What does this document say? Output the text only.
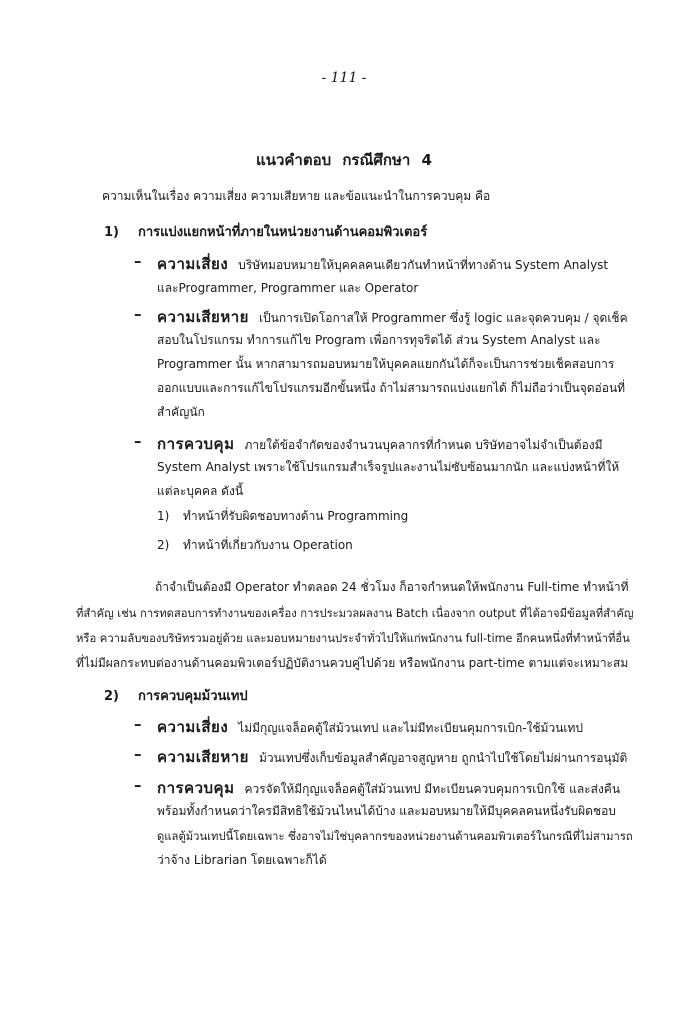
- 111 -
แนวคำตอบ กรณีศึกษา 4
ความเห็นในเรื่อง ความเสี่ยง ความเสียหาย และข้อแนะนำในการควบคุม คือ
1) การแบ่งแยกหน้าที่ภายในหน่วยงานด้านคอมพิวเตอร์
– ความเสี่ยง บริษัทมอบหมายให้บุคคลคนเดียวกันทำหน้าที่ทางด้าน System Analyst
และProgrammer, Programmer และ Operator
– ความเสียหาย เป็นการเปิดโอกาสให้ Programmer ซึ่งรู้ logic และจุดควบคุม / จุดเช็ค
สอบในโปรแกรม ทำการแก้ไข Program เพื่อการทุจริตได้ ส่วน System Analyst และ
Programmer นั้น หากสามารถมอบหมายให้บุคคลแยกกันได้ก็จะเป็นการช่วยเช็คสอบการ
ออกแบบและการแก้ไขโปรแกรมอีกขั้นหนึ่ง ถ้าไม่สามารถแบ่งแยกได้ ก็ไม่ถือว่าเป็นจุดอ่อนที่
สำคัญนัก
– การควบคุม ภายใต้ข้อจำกัดของจำนวนบุคลากรที่กำหนด บริษัทอาจไม่จำเป็นต้องมี
System Analyst เพราะใช้โปรแกรมสำเร็จรูปและงานไม่ซับซ้อนมากนัก และแบ่งหน้าที่ให้
แต่ละบุคคล ดังนี้
1) ทำหน้าที่รับผิดชอบทางด้าน Programming
2) ทำหน้าที่เกี่ยวกับงาน Operation
ถ้าจำเป็นต้องมี Operator ทำตลอด 24 ชั่วโมง ก็อาจกำหนดให้พนักงาน Full-time ทำหน้าที่
ที่สำคัญ เช่น การทดสอบการทำงานของเครื่อง การประมวลผลงาน Batch เนื่องจาก output ที่ได้อาจมีข้อมูลที่สำคัญ
หรือ ความลับของบริษัทรวมอยู่ด้วย และมอบหมายงานประจำทั่วไปให้แก่พนักงาน full-time อีกคนหนึ่งที่ทำหน้าที่อื่น
ที่ไม่มีผลกระทบต่องานด้านคอมพิวเตอร์ปฏิบัติงานควบคู่ไปด้วย หรือพนักงาน part-time ตามแต่จะเหมาะสม
2) การควบคุมม้วนเทป
– ความเสี่ยง ไม่มีกุญแจล็อคตู้ใส่ม้วนเทป และไม่มีทะเบียนคุมการเบิก-ใช้ม้วนเทป
– ความเสียหาย ม้วนเทปซึ่งเก็บข้อมูลสำคัญอาจสูญหาย ถูกนำไปใช้โดยไม่ผ่านการอนุมัติ
– การควบคุม ควรจัดให้มีกุญแจล็อคตู้ใส่ม้วนเทป มีทะเบียนควบคุมการเบิกใช้ และส่งคืน
พร้อมทั้งกำหนดว่าใครมีสิทธิใช้ม้วนไหนได้บ้าง และมอบหมายให้มีบุคคลคนหนึ่งรับผิดชอบ
ดูแลตู้ม้วนเทปนี้โดยเฉพาะ ซึ่งอาจไม่ใช่บุคลากรของหน่วยงานด้านคอมพิวเตอร์ในกรณีที่ไม่สามารถ
ว่าจ้าง Librarian โดยเฉพาะก็ได้
